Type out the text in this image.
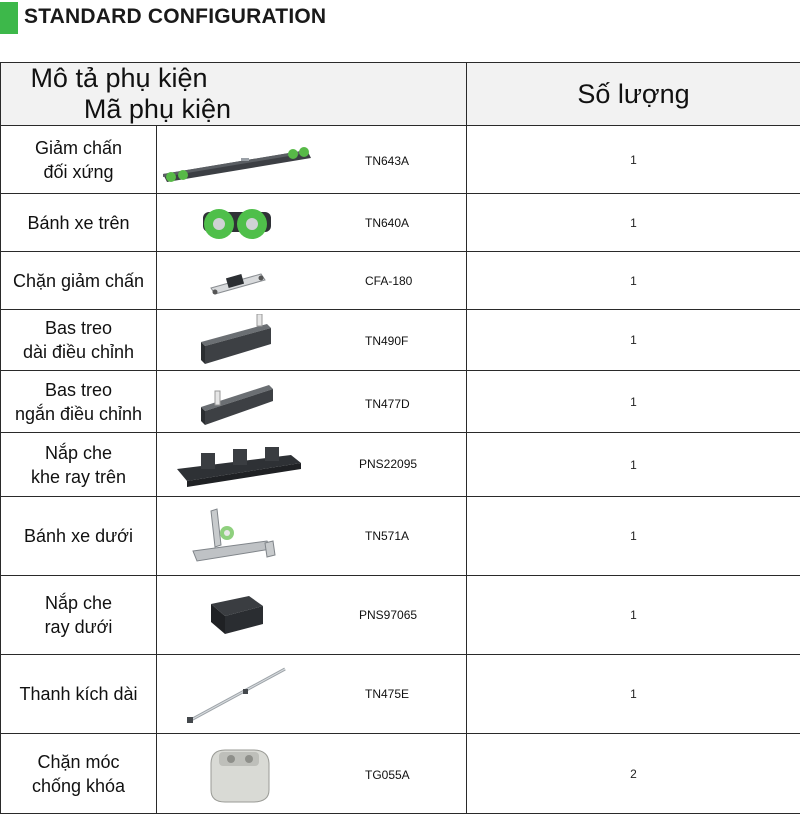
STANDARD CONFIGURATION
Mô tả phụ kiệnMã phụ kiện		Số lượng

Giảm chấn
đối xứng	TN643A	1

Bánh xe trên	TN640A	1

Chặn giảm chấn	CFA-180	1

Bas treo
dài điều chỉnh	TN490F	1

Bas treo
ngắn điều chỉnh	TN477D	1

Nắp che
khe ray trên	PNS22095	1

Bánh xe dưới	TN571A	1

Nắp che
ray dưới	PNS97065	1

Thanh kích dài	TN475E	1

Chặn móc
chống khóa	TG055A	2
